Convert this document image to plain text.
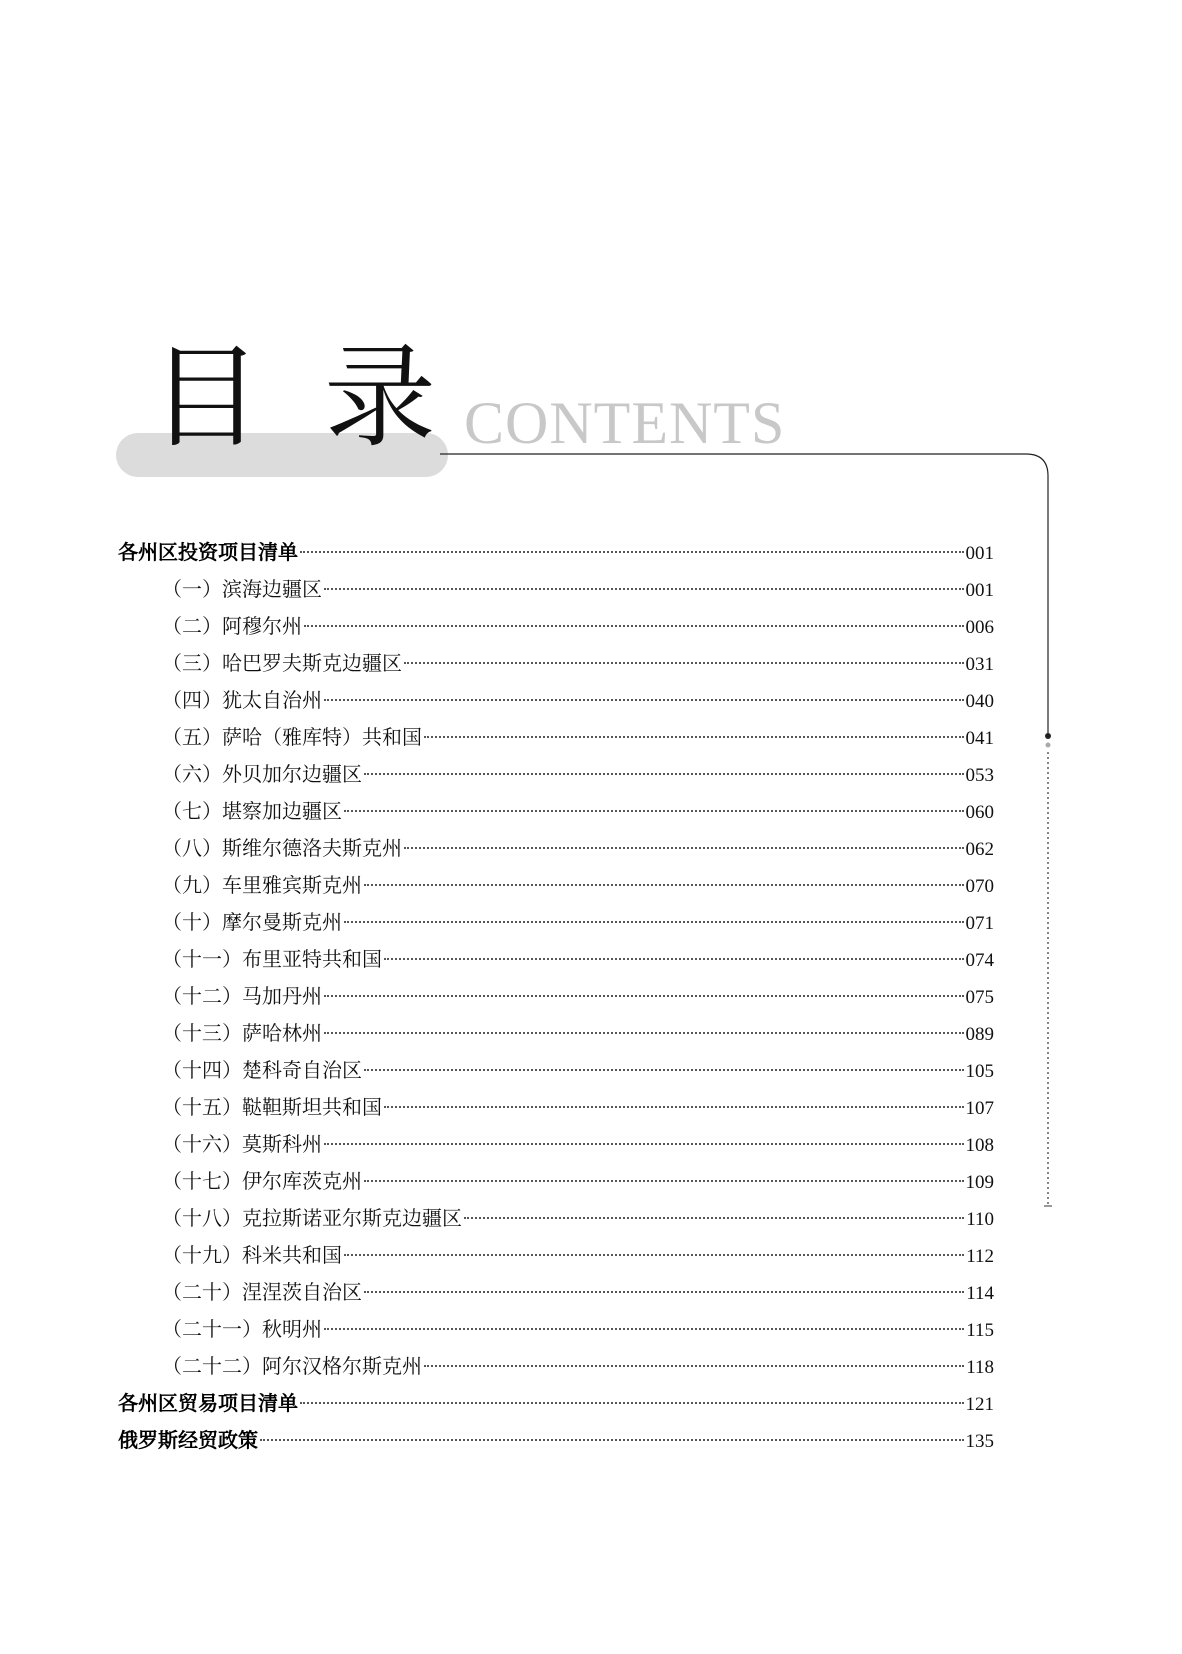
目录
CONTENTS
各州区投资项目清单	001
（一）滨海边疆区	001
（二）阿穆尔州	006
（三）哈巴罗夫斯克边疆区	031
（四）犹太自治州	040
（五）萨哈（雅库特）共和国	041
（六）外贝加尔边疆区	053
（七）堪察加边疆区	060
（八）斯维尔德洛夫斯克州	062
（九）车里雅宾斯克州	070
（十）摩尔曼斯克州	071
（十一）布里亚特共和国	074
（十二）马加丹州	075
（十三）萨哈林州	089
（十四）楚科奇自治区	105
（十五）鞑靼斯坦共和国	107
（十六）莫斯科州	108
（十七）伊尔库茨克州	109
（十八）克拉斯诺亚尔斯克边疆区	110
（十九）科米共和国	112
（二十）涅涅茨自治区	114
（二十一）秋明州	115
（二十二）阿尔汉格尔斯克州	118
各州区贸易项目清单	121
俄罗斯经贸政策	135
